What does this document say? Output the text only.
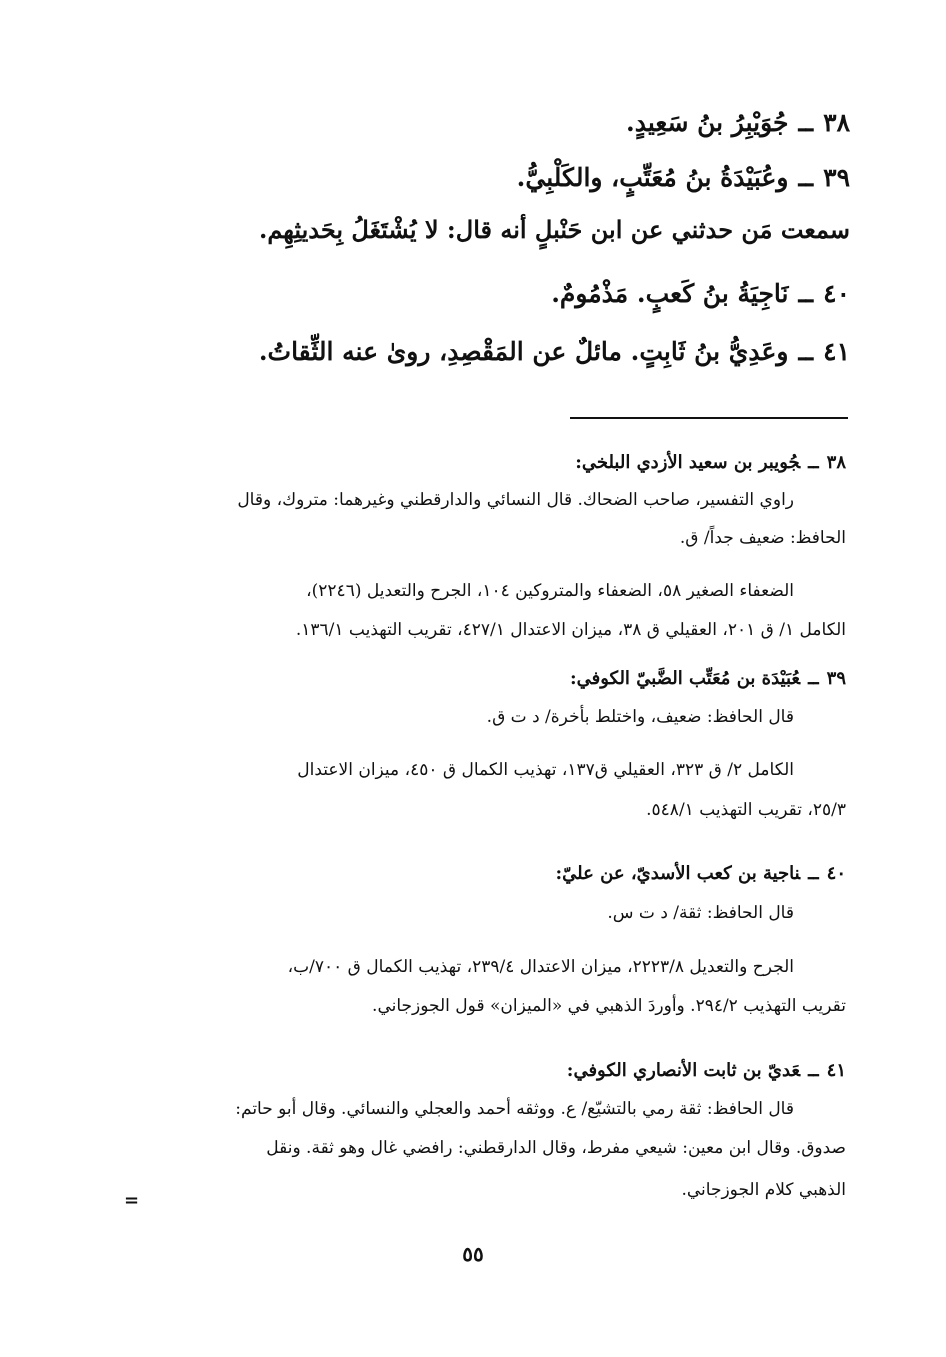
٣٨ــجُوَيْبِرُ بنُ سَعِيدٍ.
٣٩ــوعُبَيْدَةُ بنُ مُعَتِّبٍ، والكَلْبِيُّ.
سمعت مَن حدثني عن ابن حَنْبلٍ أنه قال: لا يُشْتَغَلُ بِحَديثِهِم.
٤٠ــنَاجِيَةُ بنُ كَعبٍ. مَذْمُومٌ.
٤١ــوعَدِيُّ بنُ ثَابِتٍ. مائلٌ عن المَقْصِدِ، روىٰ عنه الثِّقاتُ.
٣٨ــجُويبر بن سعيد الأزدي البلخي:
راوي التفسير، صاحب الضحاك. قال النسائي والدارقطني وغيرهما: متروك، وقال
الحافظ: ضعيف جداً/ ق.
الضعفاء الصغير ٥٨، الضعفاء والمتروكين ١٠٤، الجرح والتعديل (٢٢٤٦)،
الكامل ١/ ق ٢٠١، العقيلي ق ٣٨، ميزان الاعتدال ٤٢٧/١، تقريب التهذيب ١٣٦/١.
٣٩ــعُبَيْدَة بن مُعَتِّب الضَّبيّ الكوفي:
قال الحافظ: ضعيف، واختلط بأخرة/ د ت ق.
الكامل ٢/ ق ٣٢٣، العقيلي ق١٣٧، تهذيب الكمال ق ٤٥٠، ميزان الاعتدال
٢٥/٣، تقريب التهذيب ٥٤٨/١.
٤٠ــناجية بن كعب الأسديّ، عن عليّ:
قال الحافظ: ثقة/ د ت س.
الجرح والتعديل ٢٢٢٣/٨، ميزان الاعتدال ٢٣٩/٤، تهذيب الكمال ق ٧٠٠/ب،
تقريب التهذيب ٢٩٤/٢. وأوردَ الذهبي في «الميزان» قول الجوزجاني.
٤١ــعَديّ بن ثابت الأنصاري الكوفي:
قال الحافظ: ثقة رمي بالتشيّع/ ع. ووثقه أحمد والعجلي والنسائي. وقال أبو حاتم:
صدوق. وقال ابن معين: شيعي مفرط، وقال الدارقطني: رافضي غال وهو ثقة. ونقل
الذهبي كلام الجوزجاني.
=
٥٥
